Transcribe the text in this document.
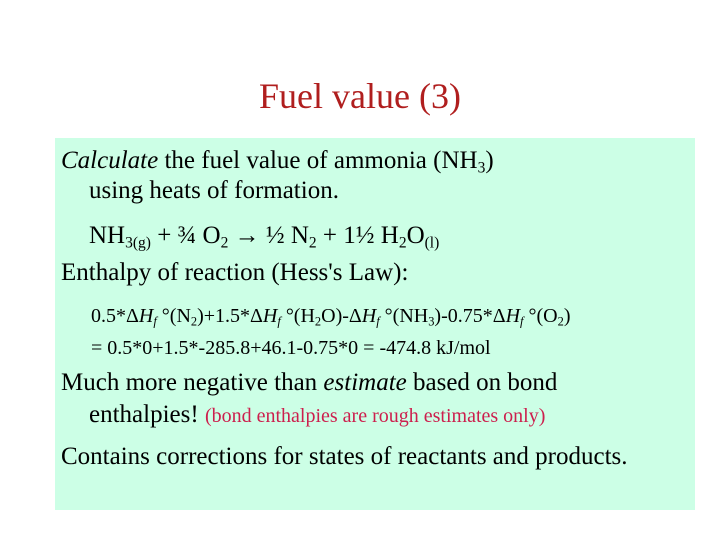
Fuel value (3)
Calculate the fuel value of ammonia $(NH_3)$
using heats of formation.
$NH_{3(g)}$ + ¾ $O_2$ → ½ $N_2$ + 1½ $H_2O_{(l)}$
Enthalpy of reaction (Hess's Law):
$0.5*\Delta H_f$ $^\circ(N_2)+1.5*\Delta H_f$ $^\circ(H_2O)-\Delta H_f$ $^\circ(NH_3)-0.75*\Delta H_f$ $^\circ(O_2)$
= 0.5*0+1.5*-285.8+46.1-0.75*0 = -474.8 kJ/mol
Much more negative than estimate based on bond
enthalpies! (bond enthalpies are rough estimates only)
Contains corrections for states of reactants and products.
